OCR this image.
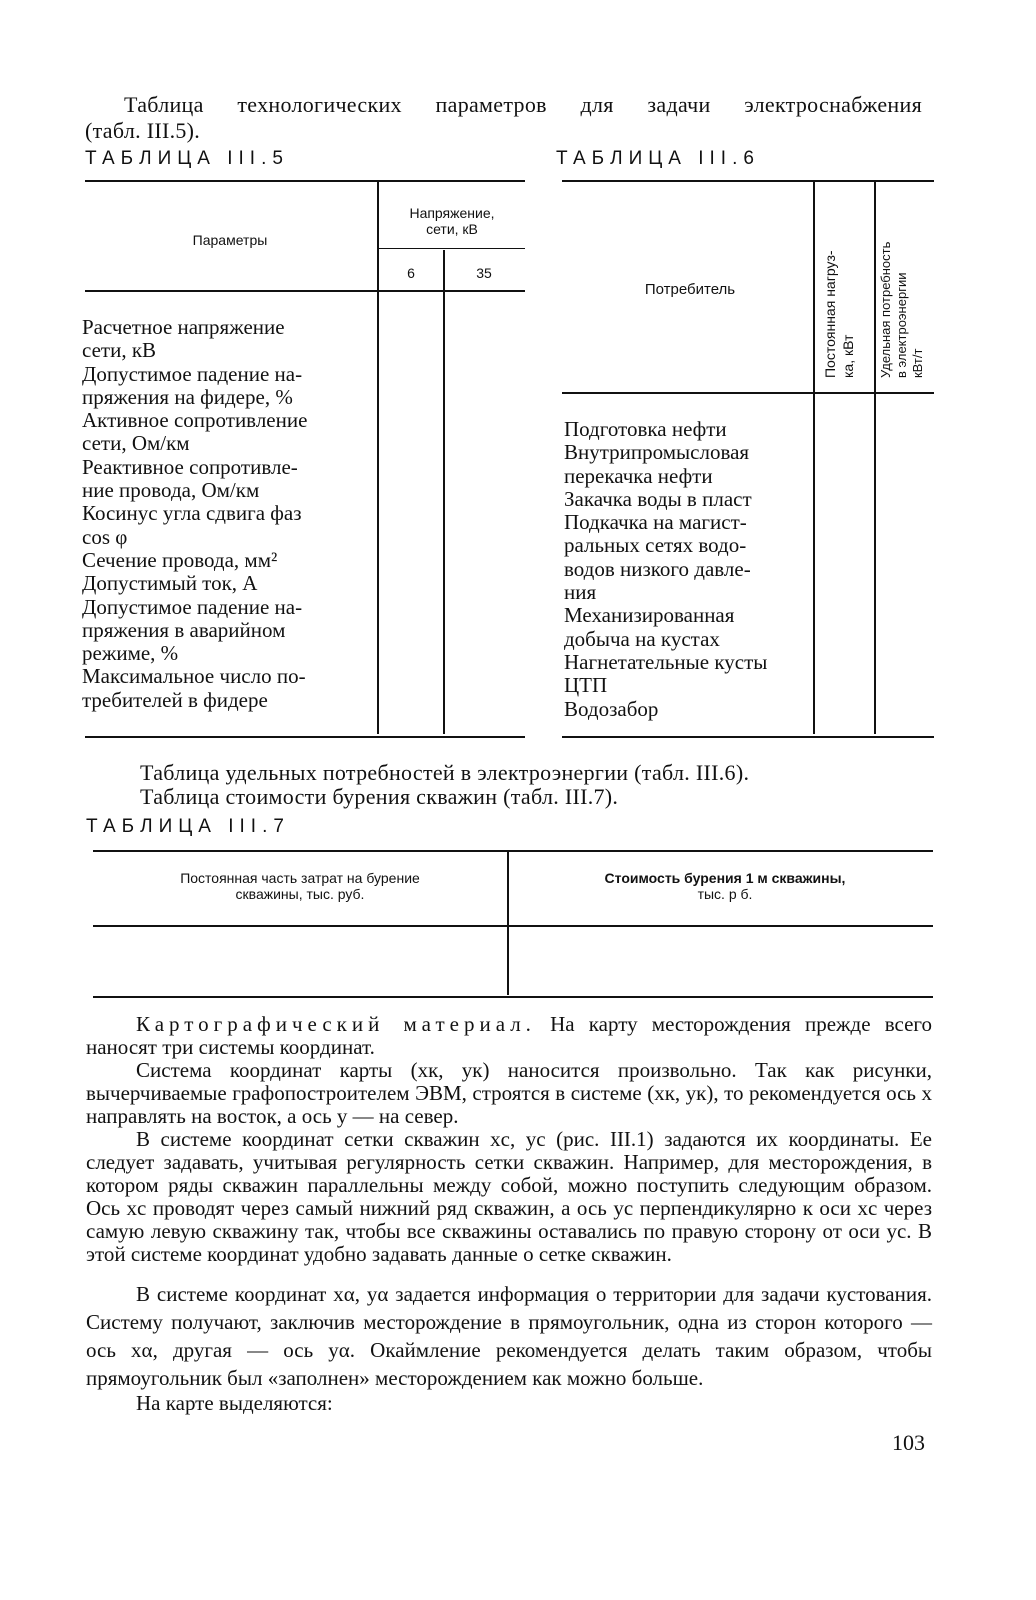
Таблица технологических параметров для задачи электроснабжения
(табл. III.5).
ТАБЛИЦА III.5
Параметры
Напряжение,
сети, кВ
6	35
Расчетное напряжение
сети, кВ
Допустимое падение на-
пряжения на фидере, %
Активное сопротивление
сети, Ом/км
Реактивное сопротивле-
ние провода, Ом/км
Косинус угла сдвига фаз
cos φ
Сечение провода, мм²
Допустимый ток, А
Допустимое падение на-
пряжения в аварийном
режиме, %
Максимальное число по-
требителей в фидере
ТАБЛИЦА III.6
Потребитель	Постоянная нагруз- ка, кВт Удельная потребность в электроэнергии кВт/т
Подготовка нефти
Внутрипромысловая
перекачка нефти
Закачка воды в пласт
Подкачка на магист-
ральных сетях водо-
водов низкого давле-
ния
Механизированная
добыча на кустах
Нагнетательные кусты
ЦТП
Водозабор
Таблица удельных потребностей в электроэнергии (табл. III.6).
Таблица стоимости бурения скважин (табл. III.7).
ТАБЛИЦА III.7
Постоянная часть затрат на бурение
скважины, тыс. руб.
Стоимость бурения 1 м скважины,
тыс. р б.

Картографический материал. На карту месторождения прежде всего наносят три системы координат.

Система координат карты (xк, yк) наносится произвольно. Так как рисунки, вычерчиваемые графопостроителем ЭВМ, строятся в системе (xк, yк), то рекомендуется ось x направлять на восток, а ось y — на север.

В системе координат сетки скважин xс, yс (рис. III.1) задаются их координаты. Ее следует задавать, учитывая регулярность сетки скважин. Например, для месторождения, в котором ряды скважин параллельны между собой, можно поступить следующим образом. Ось xс проводят через самый нижний ряд скважин, а ось yс перпендикулярно к оси xс через самую левую скважину так, чтобы все скважины оставались по правую сторону от оси yс. В этой системе координат удобно задавать данные о сетке скважин.

В системе координат xα, yα задается информация о территории для задачи кустования. Систему получают, заключив месторождение в прямоугольник, одна из сторон которого — ось xα, другая — ось yα. Окаймление рекомендуется делать таким образом, чтобы прямоугольник был «заполнен» месторождением как можно больше.

На карте выделяются:

103
